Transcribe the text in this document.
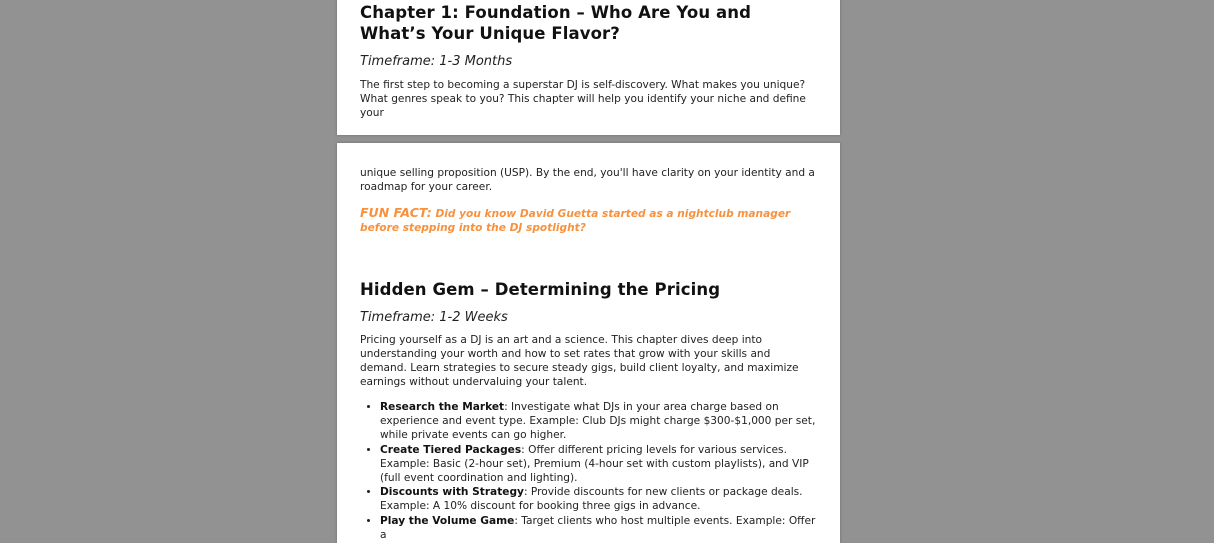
Chapter 1: Foundation – Who Are You and What’s Your Unique Flavor?

Timeframe: 1-3 Months

The first step to becoming a superstar DJ is self-discovery. What makes you unique? What genres speak to you? This chapter will help you identify your niche and define your

unique selling proposition (USP). By the end, you'll have clarity on your identity and a roadmap for your career.

FUN FACT: Did you know David Guetta started as a nightclub manager before stepping into the DJ spotlight?

Hidden Gem – Determining the Pricing

Timeframe: 1-2 Weeks

Pricing yourself as a DJ is an art and a science. This chapter dives deep into understanding your worth and how to set rates that grow with your skills and demand. Learn strategies to secure steady gigs, build client loyalty, and maximize earnings without undervaluing your talent.

• Research the Market: Investigate what DJs in your area charge based on experience and event type. Example: Club DJs might charge $300-$1,000 per set, while private events can go higher.
• Create Tiered Packages: Offer different pricing levels for various services. Example: Basic (2-hour set), Premium (4-hour set with custom playlists), and VIP (full event coordination and lighting).
• Discounts with Strategy: Provide discounts for new clients or package deals. Example: A 10% discount for booking three gigs in advance.
• Play the Volume Game: Target clients who host multiple events. Example: Offer a
